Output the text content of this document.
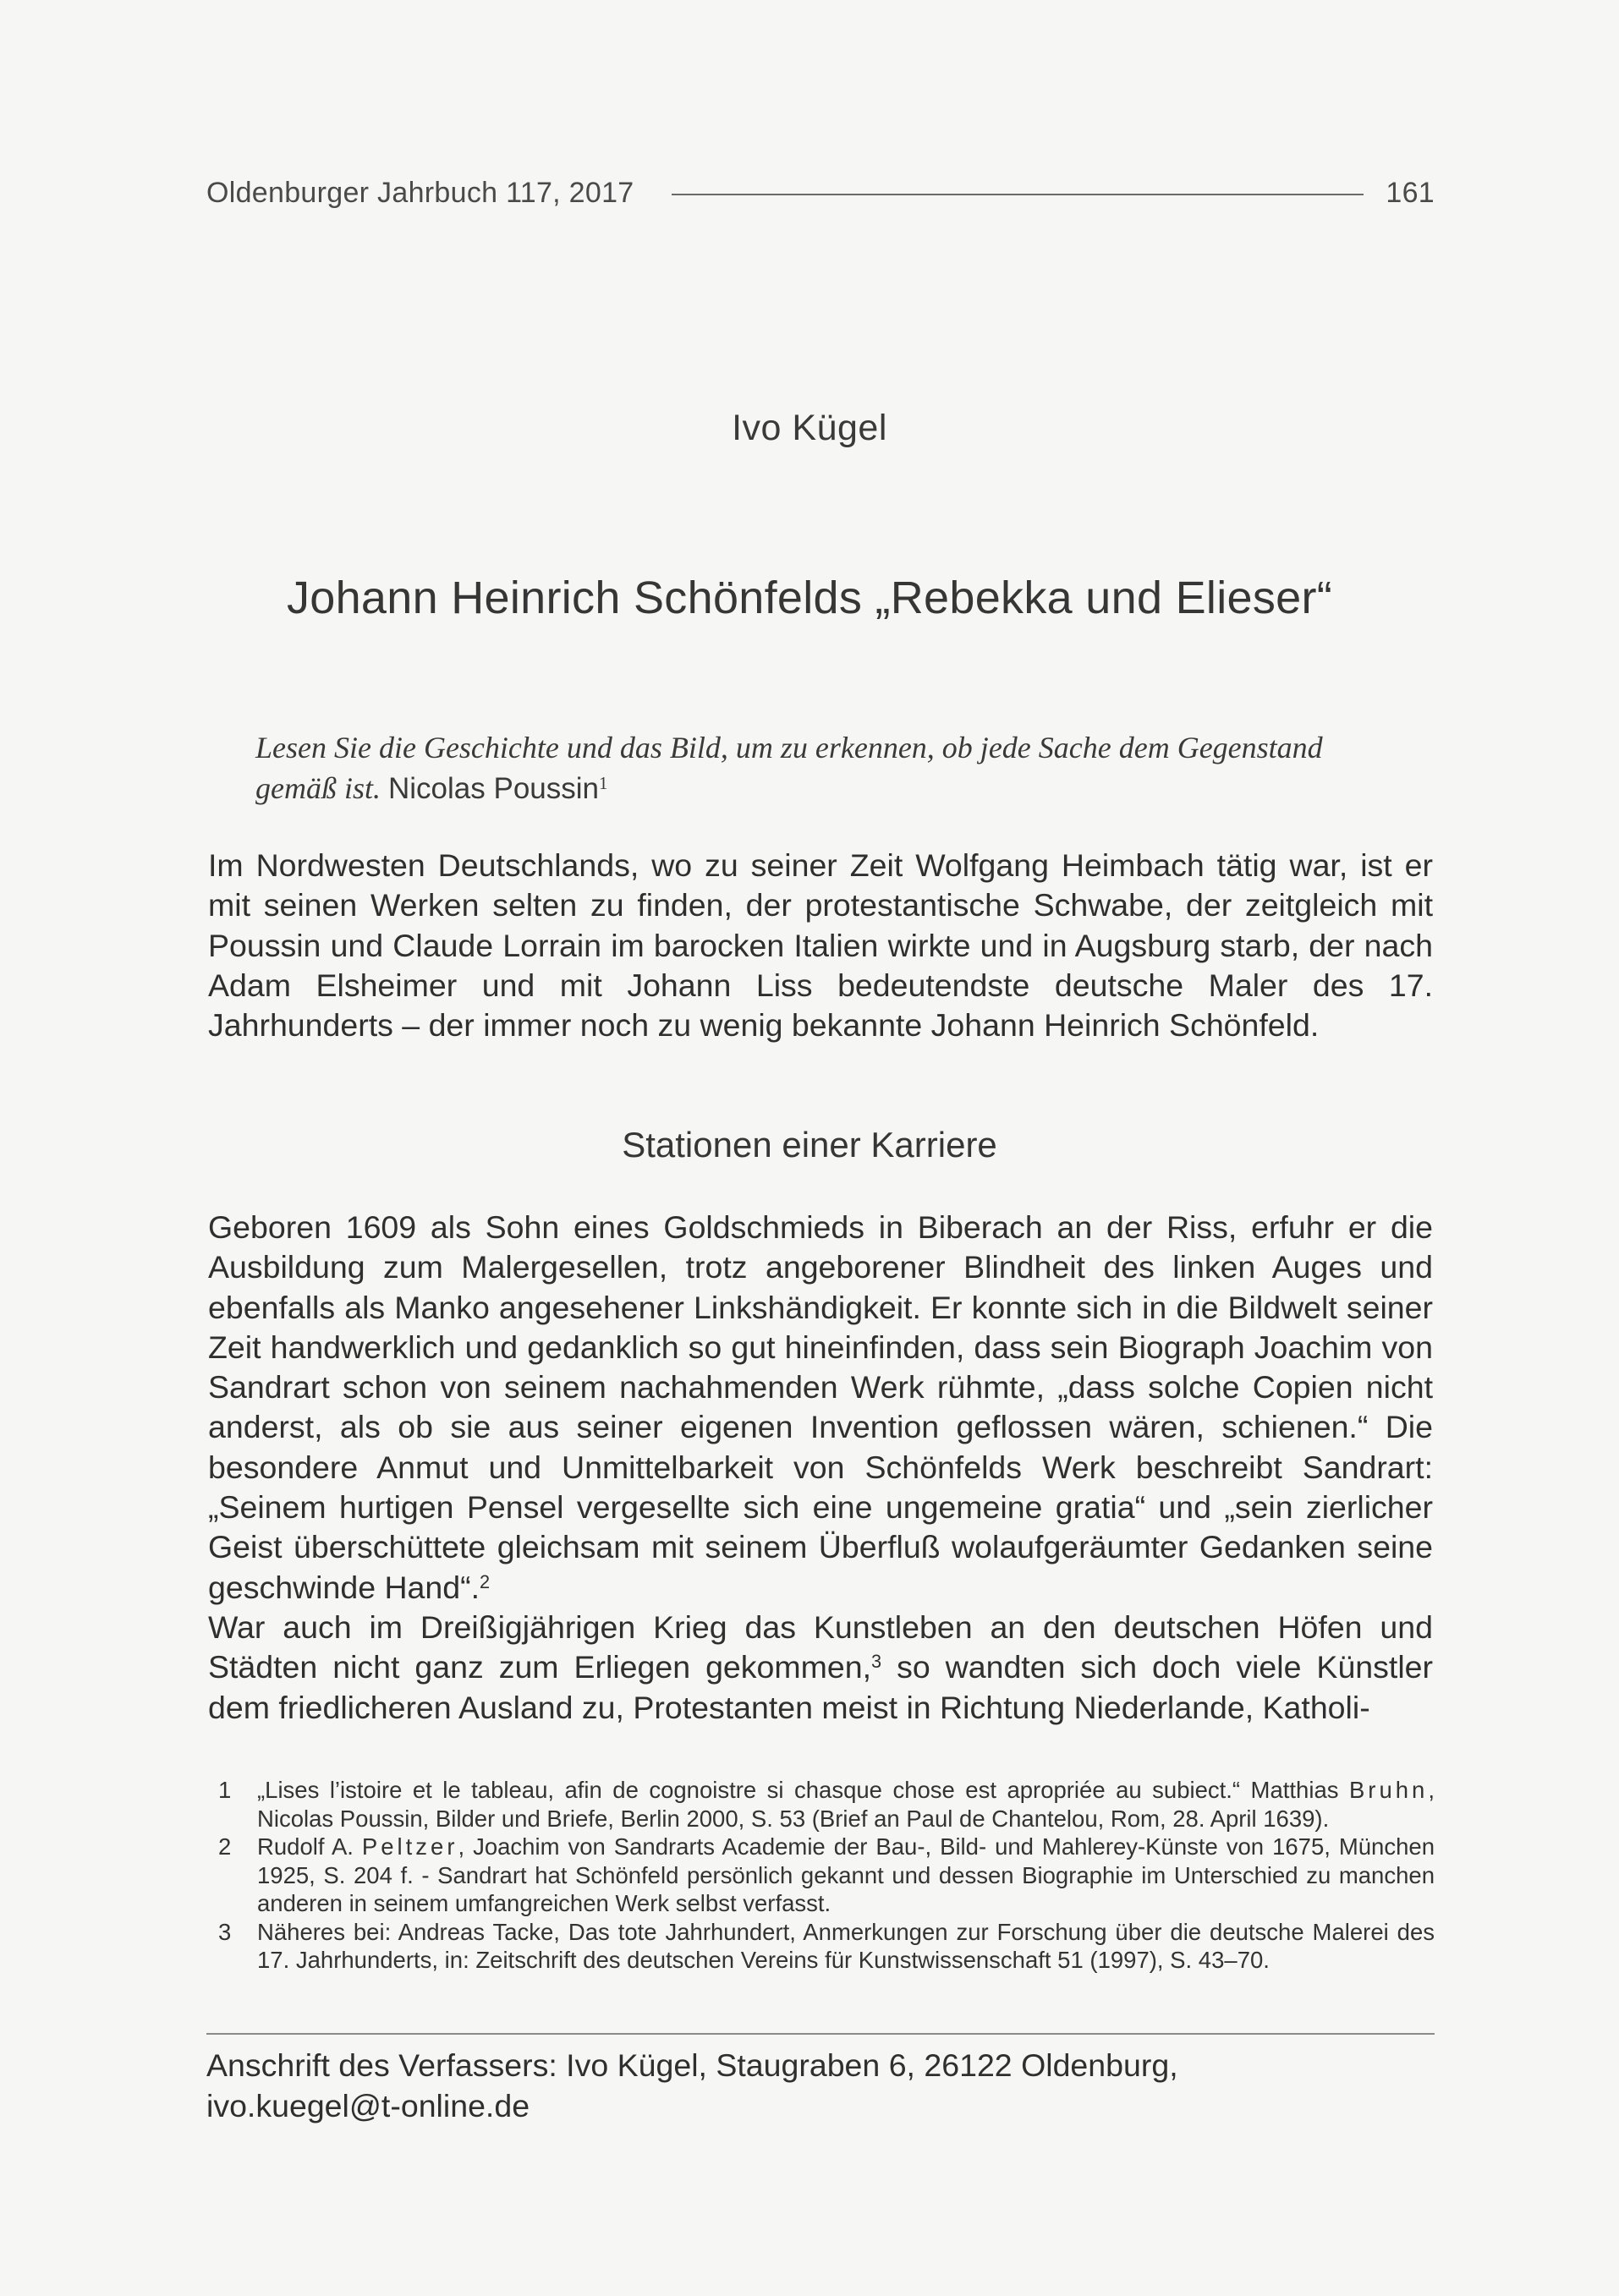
Oldenburger Jahrbuch 117, 2017	161
Ivo Kügel
Johann Heinrich Schönfelds „Rebekka und Elieser“

Lesen Sie die Geschichte und das Bild, um zu erkennen, ob jede Sache dem Gegenstand gemäß ist. Nicolas Poussin$^1$

Im Nordwesten Deutschlands, wo zu seiner Zeit Wolfgang Heimbach tätig war, ist er mit seinen Werken selten zu finden, der protestantische Schwabe, der zeitgleich mit Poussin und Claude Lorrain im barocken Italien wirkte und in Augsburg starb, der nach Adam Elsheimer und mit Johann Liss bedeutendste deutsche Maler des 17. Jahrhunderts – der immer noch zu wenig bekannte Johann Heinrich Schönfeld.

Stationen einer Karriere

Geboren 1609 als Sohn eines Goldschmieds in Biberach an der Riss, erfuhr er die Ausbildung zum Malergesellen, trotz angeborener Blindheit des linken Auges und ebenfalls als Manko angesehener Linkshändigkeit. Er konnte sich in die Bildwelt seiner Zeit handwerklich und gedanklich so gut hineinfinden, dass sein Biograph Joachim von Sandrart schon von seinem nachahmenden Werk rühmte, „dass solche Copien nicht anderst, als ob sie aus seiner eigenen Invention geflossen wären, schienen.“ Die besondere Anmut und Unmittelbarkeit von Schönfelds Werk beschreibt Sandrart: „Seinem hurtigen Pensel vergesellte sich eine ungemeine gratia“ und „sein zierlicher Geist überschüttete gleichsam mit seinem Überfluß wolaufgeräumter Gedanken seine geschwinde Hand“.$^2$

War auch im Dreißigjährigen Krieg das Kunstleben an den deutschen Höfen und Städten nicht ganz zum Erliegen gekommen,$^3$ so wandten sich doch viele Künstler dem friedlicheren Ausland zu, Protestanten meist in Richtung Niederlande, Katholi-

1	„Lises l’istoire et le tableau, afin de cognoistre si chasque chose est apropriée au subiect.“ Matthias Bruhn, Nicolas Poussin, Bilder und Briefe, Berlin 2000, S. 53 (Brief an Paul de Chantelou, Rom, 28. April 1639).
2	Rudolf A. Peltzer, Joachim von Sandrarts Academie der Bau-, Bild- und Mahlerey-Künste von 1675, München 1925, S. 204 f. - Sandrart hat Schönfeld persönlich gekannt und dessen Biographie im Unterschied zu manchen anderen in seinem umfangreichen Werk selbst verfasst.
3	Näheres bei: Andreas Tacke, Das tote Jahrhundert, Anmerkungen zur Forschung über die deutsche Malerei des 17. Jahrhunderts, in: Zeitschrift des deutschen Vereins für Kunstwissenschaft 51 (1997), S. 43–70.
Anschrift des Verfassers: Ivo Kügel, Staugraben 6, 26122 Oldenburg,
ivo.kuegel@t-online.de
